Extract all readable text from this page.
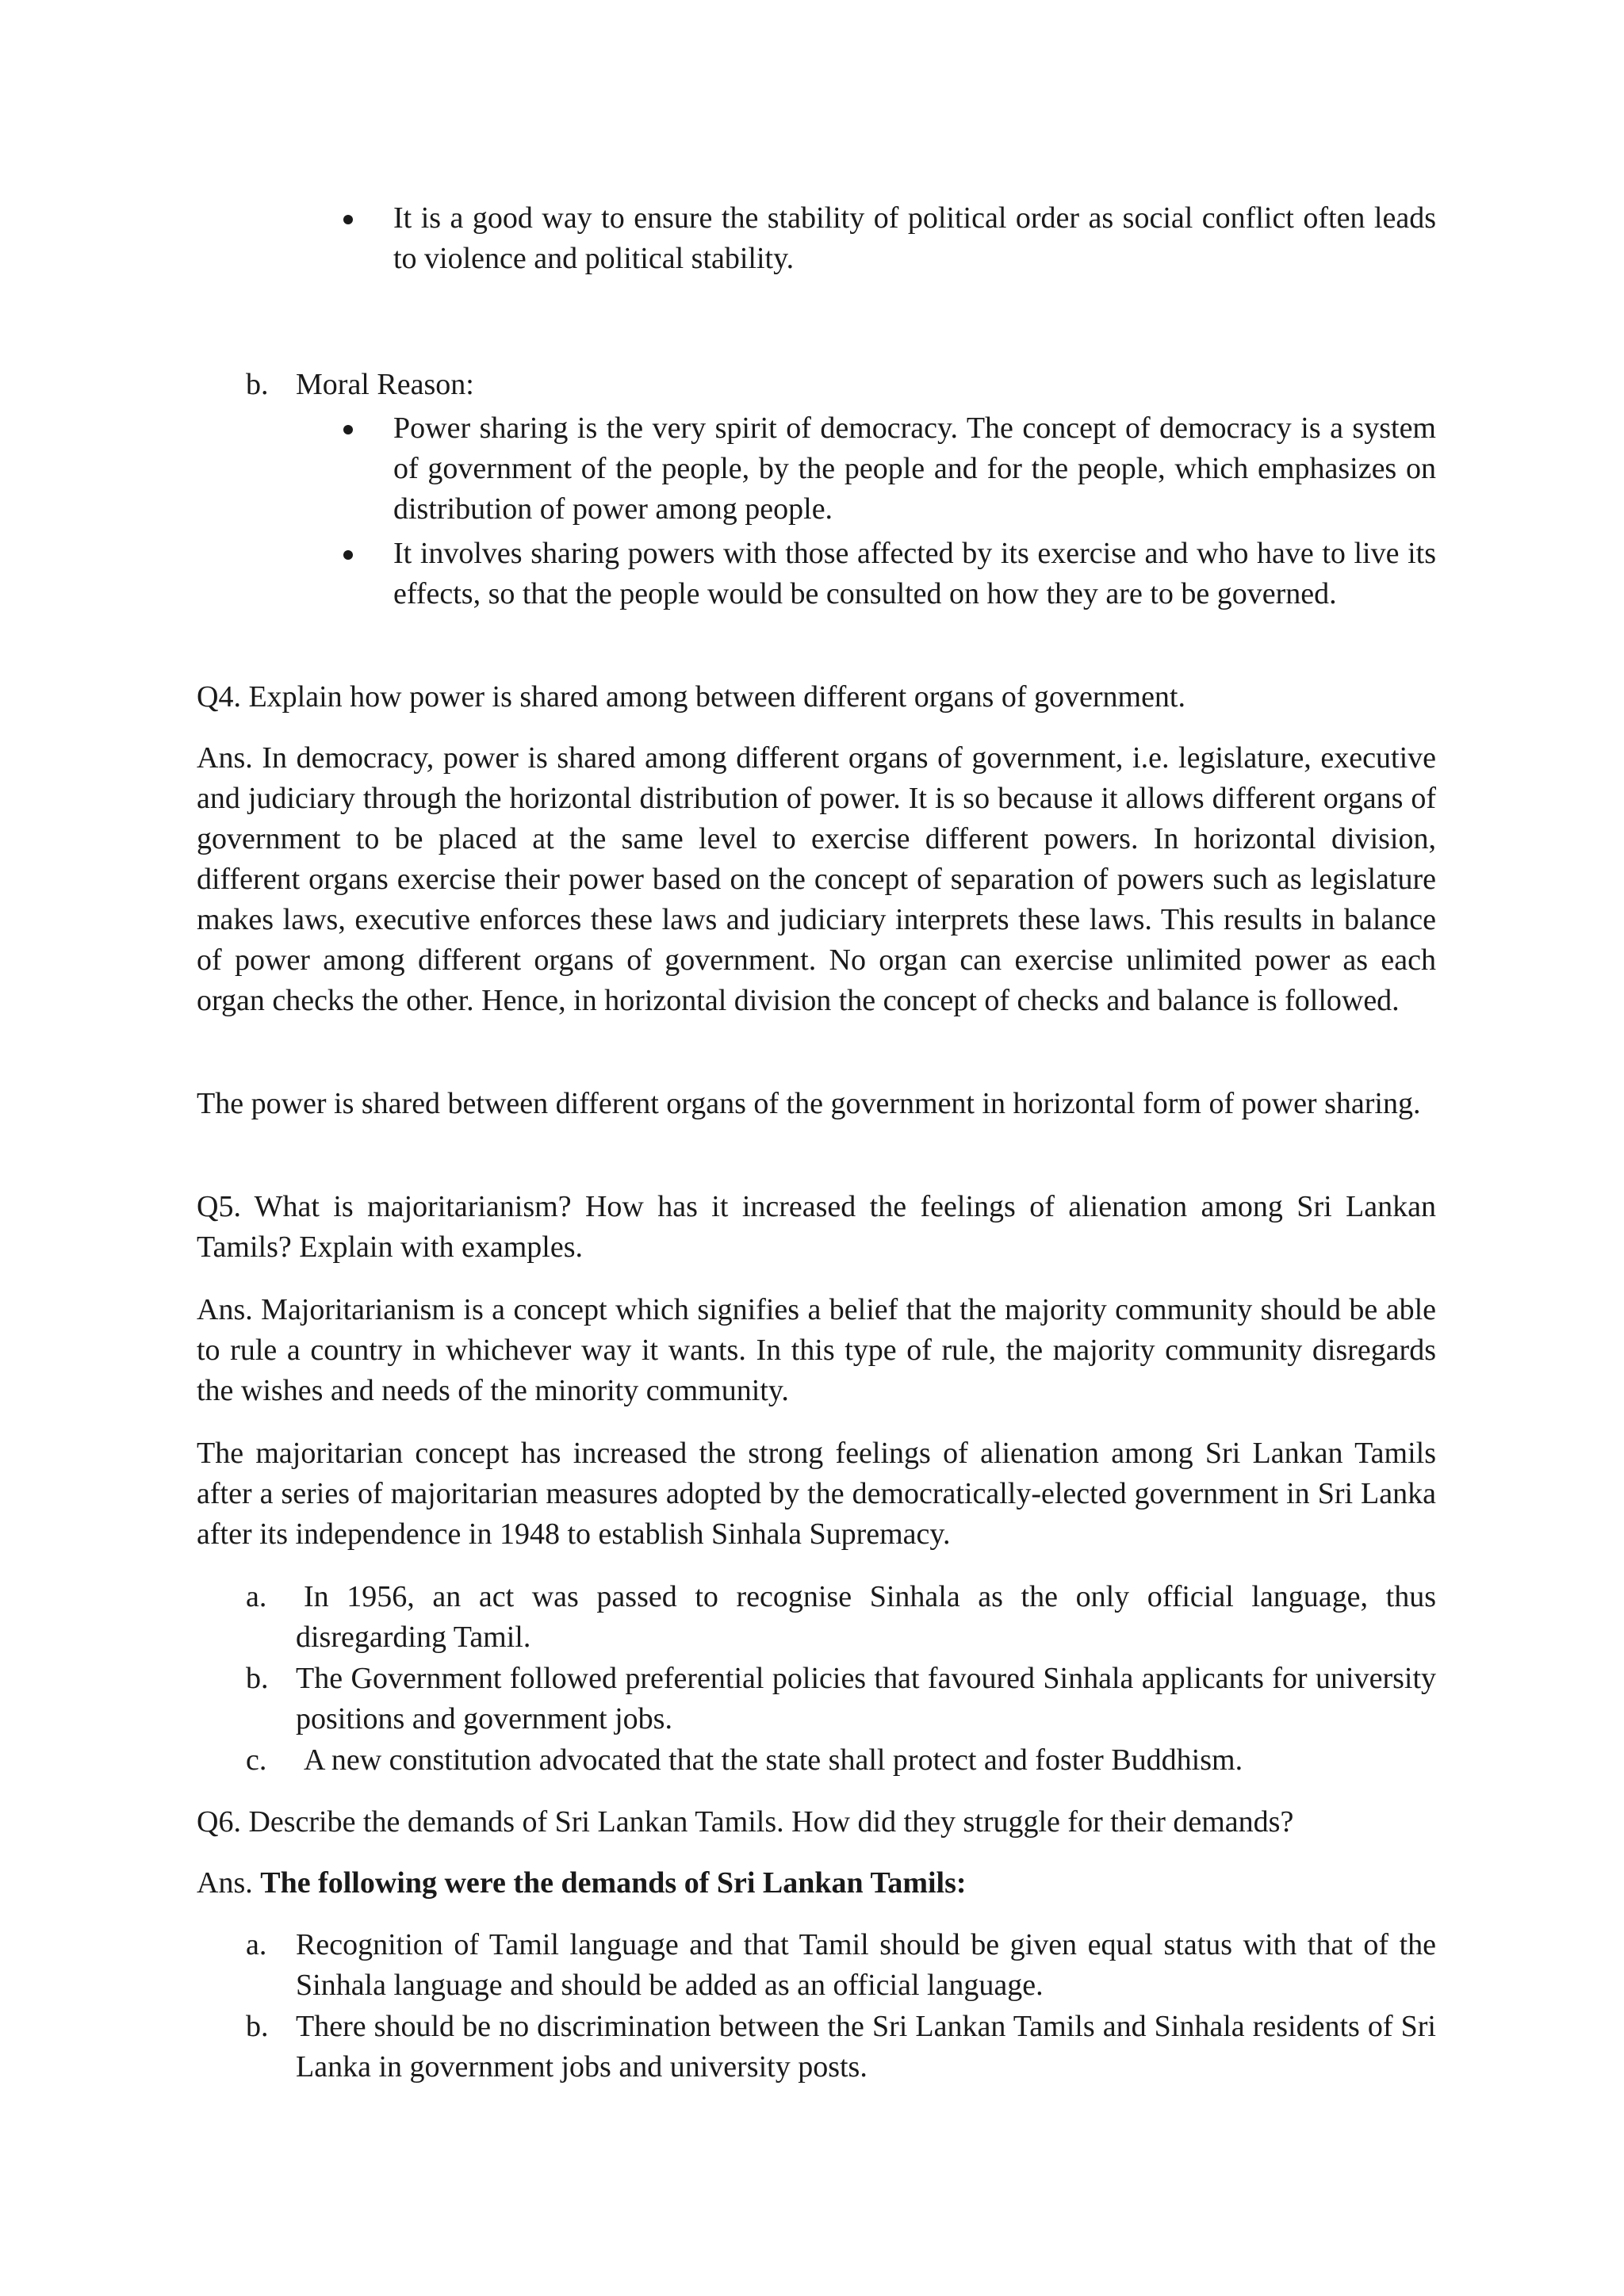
It is a good way to ensure the stability of political order as social conflict often leads to violence and political stability.

b. Moral Reason:

Power sharing is the very spirit of democracy. The concept of democracy is a system of government of the people, by the people and for the people, which emphasizes on distribution of power among people.

It involves sharing powers with those affected by its exercise and who have to live its effects, so that the people would be consulted on how they are to be governed.

Q4. Explain how power is shared among between different organs of government.

Ans. In democracy, power is shared among different organs of government, i.e. legislature, executive and judiciary through the horizontal distribution of power. It is so because it allows different organs of government to be placed at the same level to exercise different powers. In horizontal division, different organs exercise their power based on the concept of separation of powers such as legislature makes laws, executive enforces these laws and judiciary interprets these laws. This results in balance of power among different organs of government. No organ can exercise unlimited power as each organ checks the other. Hence, in horizontal division the concept of checks and balance is followed.

The power is shared between different organs of the government in horizontal form of power sharing.

Q5. What is majoritarianism? How has it increased the feelings of alienation among Sri Lankan Tamils? Explain with examples.

Ans. Majoritarianism is a concept which signifies a belief that the majority community should be able to rule a country in whichever way it wants. In this type of rule, the majority community disregards the wishes and needs of the minority community.

The majoritarian concept has increased the strong feelings of alienation among Sri Lankan Tamils after a series of majoritarian measures adopted by the democratically-elected government in Sri Lanka after its independence in 1948 to establish Sinhala Supremacy.

a. In 1956, an act was passed to recognise Sinhala as the only official language, thus disregarding Tamil.

b. The Government followed preferential policies that favoured Sinhala applicants for university positions and government jobs.

c. A new constitution advocated that the state shall protect and foster Buddhism.

Q6. Describe the demands of Sri Lankan Tamils. How did they struggle for their demands?

Ans. The following were the demands of Sri Lankan Tamils:

a. Recognition of Tamil language and that Tamil should be given equal status with that of the Sinhala language and should be added as an official language.

b. There should be no discrimination between the Sri Lankan Tamils and Sinhala residents of Sri Lanka in government jobs and university posts.
